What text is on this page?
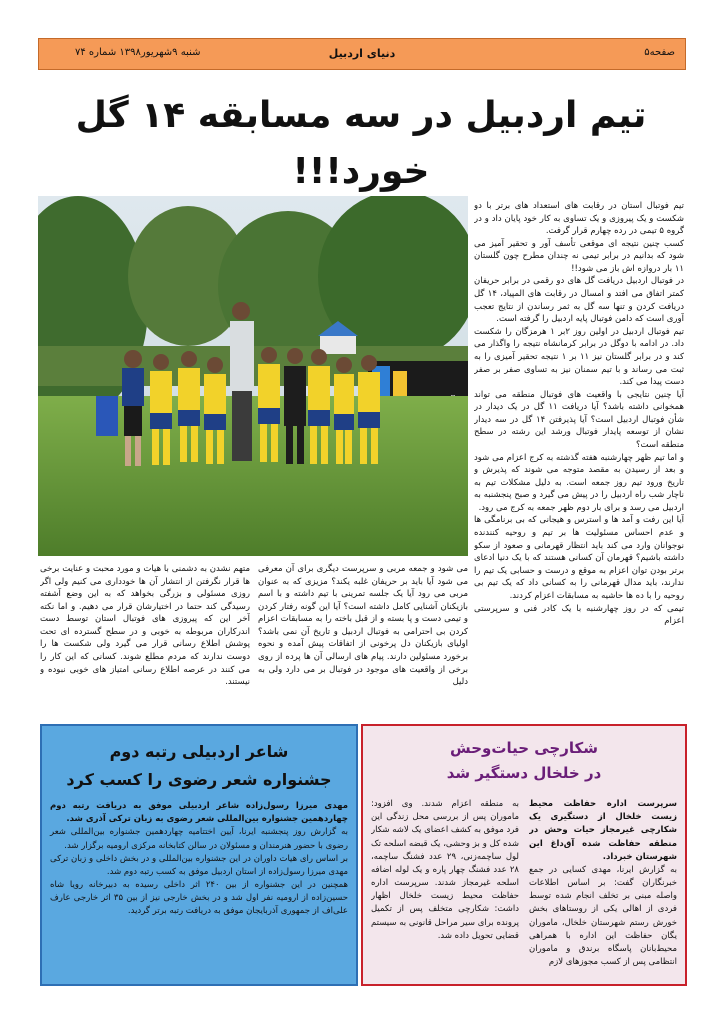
صفحه۵
دنیای اردبیل
شنبه ۹شهریور۱۳۹۸ شماره ۷۴
تیم اردبیل در سه مسابقه ۱۴ گل خورد!!!
تیم فوتبال استان در رقابت های استعداد های برتر با دو شکست و یک پیروزی و یک تساوی به کار خود پایان داد و در گروه ۵ تیمی در رده چهارم قرار گرفت.
کسب چنین نتیجه ای موقعی تأسف آور و تحقیر آمیز می شود که بدانیم در برابر تیمی نه چندان مطرح چون گلستان ۱۱ بار دروازه اش باز می شود!!
در فوتبال اردبیل دریافت گل های دو رقمی در برابر حریفان کمتر اتفاق می افتد و امسال در رقابت های المپیاد، ۱۴ گل دریافت کردن و تنها سه گل به ثمر رساندن از نتایج تعجب آوری است که دامن فوتبال پایه اردبیل را گرفته است.
تیم فوتبال اردبیل در اولین روز ۲بر ۱ هرمزگان را شکست داد. در ادامه با دوگل در برابر کرمانشاه نتیجه را واگذار می کند و در برابر گلستان نیز ۱۱ بر ۱ نتیجه تحقیر آمیزی را به ثبت می رساند و با تیم سمنان نیز به تساوی صفر بر صفر دست پیدا می کند.
آیا چنین نتایجی با واقعیت های فوتبال منطقه می تواند همخوانی داشته باشد؟ آیا دریافت ۱۱ گل در یک دیدار در شأن فوتبال اردبیل است؟ آیا پذیرفتن ۱۴ گل در سه دیدار نشان از توسعه پایدار فوتبال ورشد این رشته در سطح منطقه است؟
و اما تیم ظهر چهارشنبه هفته گذشته به کرج اعزام می شود و بعد از رسیدن به مقصد متوجه می شوند که پذیرش و تاریخ ورود تیم روز جمعه است. به دلیل مشکلات تیم به ناچار شب راه اردبیل را در پیش می گیرد و صبح پنجشنبه به اردبیل می رسد و برای بار دوم ظهر جمعه به کرج می رود.
آیا این رفت و آمد ها و استرس و هیجانی که بی برنامگی ها و عدم احساس مسئولیت ها بر تیم و روحیه کنندنده نوجوانان وارد می کند باید انتظار قهرمانی و صعود از سکو داشته باشیم؟ قهرمان آن کسانی هستند که با یک دنیا ادعای برتر بودن توان اعزام به موقع و درست و حسابی یک تیم را ندارند، باید مدال قهرمانی را به کسانی داد که یک تیم بی روحیه را با ده ها حاشیه به مسابقات اعزام کردند.
تیمی که در روز چهارشنبه با یک کادر فنی و سرپرستی اعزام
می شود و جمعه مربی و سرپرست دیگری برای آن معرفی می شود آیا باید بر حریفان غلبه یکند؟ مزیزی که به عنوان مربی می رود آیا یک جلسه تمرینی با تیم داشته و با اسم بازیکنان آشنایی کامل داشته است؟ آیا این گونه رفتار کردن و تیمی دست و پا بسته و از قبل باخته را به مسابقات اعزام کردن بی احترامی به فوتبال اردبیل و تاریخ آن نمی باشد؟ اولیای بازیکنان دل پرخونی از اتفاقات پیش آمده و نحوه برخورد مسئولین دارند. پیام های ارسالی آن ها پرده از روی برخی از واقعیت های موجود در فوتبال بر می دارد ولی به دلیل
متهم نشدن به دشمنی با هیات و مورد محبت و عنایت برخی ها قرار نگرفتن از انتشار آن ها خودداری می کنیم ولی اگر روزی مسئولی و بزرگی بخواهد که به این وضع آشفته رسیدگی کند حتما در اختیارشان قرار می دهیم. و اما نکته آخر این که پیروزی های فوتبال استان توسط دست اندرکاران مربوطه به خوبی و در سطح گسترده ای تحت پوشش اطلاع رسانی قرار می گیرد ولی شکست ها را دوست ندارند که مردم مطلع شوند. کسانی که این کار را می کنند در عرصه اطلاع رسانی امتیاز های خوبی نبوده و نیستند.
شاعر اردبیلی رتبه دوم
جشنواره شعر رضوی را کسب کرد
مهدی میرزا رسول‌زاده شاعر اردبیلی موفق به دریافت رتبه دوم چهاردهمین جشنواره بین‌المللی شعر رضوی به زبان ترکی آذری شد.
به گزارش روز پنجشنبه ایرنا، آیین اختتامیه چهاردهمین جشنواره بین‌المللی شعر رضوی با حضور هنرمندان و مسئولان در سالن کتابخانه مرکزی ارومیه برگزار شد.
بر اساس رای هیات داوران در این جشنواره بین‌المللی و در بخش داخلی و زبان ترکی مهدی میرزا رسول‌زاده از استان اردبیل موفق به کسب رتبه دوم شد.
همچنین در این جشنواره از بین ۲۴۰ اثر داخلی رسیده به دبیرخانه رویا شاه حسین‌زاده از ارومیه نفر اول شد و در بخش خارجی نیز از بین ۳۵ اثر خارجی عارف علی‌اف از جمهوری آذربایجان موفق به دریافت رتبه برتر گردید.
شکارچی حیات‌وحش
در خلخال دستگیر شد
سرپرست اداره حفاظت محیط زیست خلخال از دستگیری یک شکارچی غیرمجاز حیات وحش در منطقه حفاظت شده آق‌داغ این شهرستان خبرداد.
به گزارش ایرنا، مهدی کسایی در جمع خبرنگاران گفت: بر اساس اطلاعات واصله مبنی بر تخلف انجام شده توسط فردی از اهالی یکی از روستاهای بخش خورش رستم شهرستان خلخال، ماموران یگان حفاظت این اداره با همراهی محیط‌بانان پاسگاه برندق و ماموران انتظامی پس از کسب مجوزهای لازم
به منطقه اعزام شدند. وی افزود: ماموران پس از بررسی محل زندگی این فرد موفق به کشف اعضای یک لاشه شکار شده کل و بز وحشی، یک قبضه اسلحه تک لول ساچمه‌زنی، ۲۹ عدد فشنگ ساچمه، ۲۸ عدد فشنگ چهار پاره و یک لوله اضافه اسلحه غیرمجاز شدند. سرپرست اداره حفاظت محیط زیست خلخال اظهار داشت: شکارچی متخلف پس از تکمیل پرونده برای سیر مراحل قانونی به سیستم قضایی تحویل داده شد.
